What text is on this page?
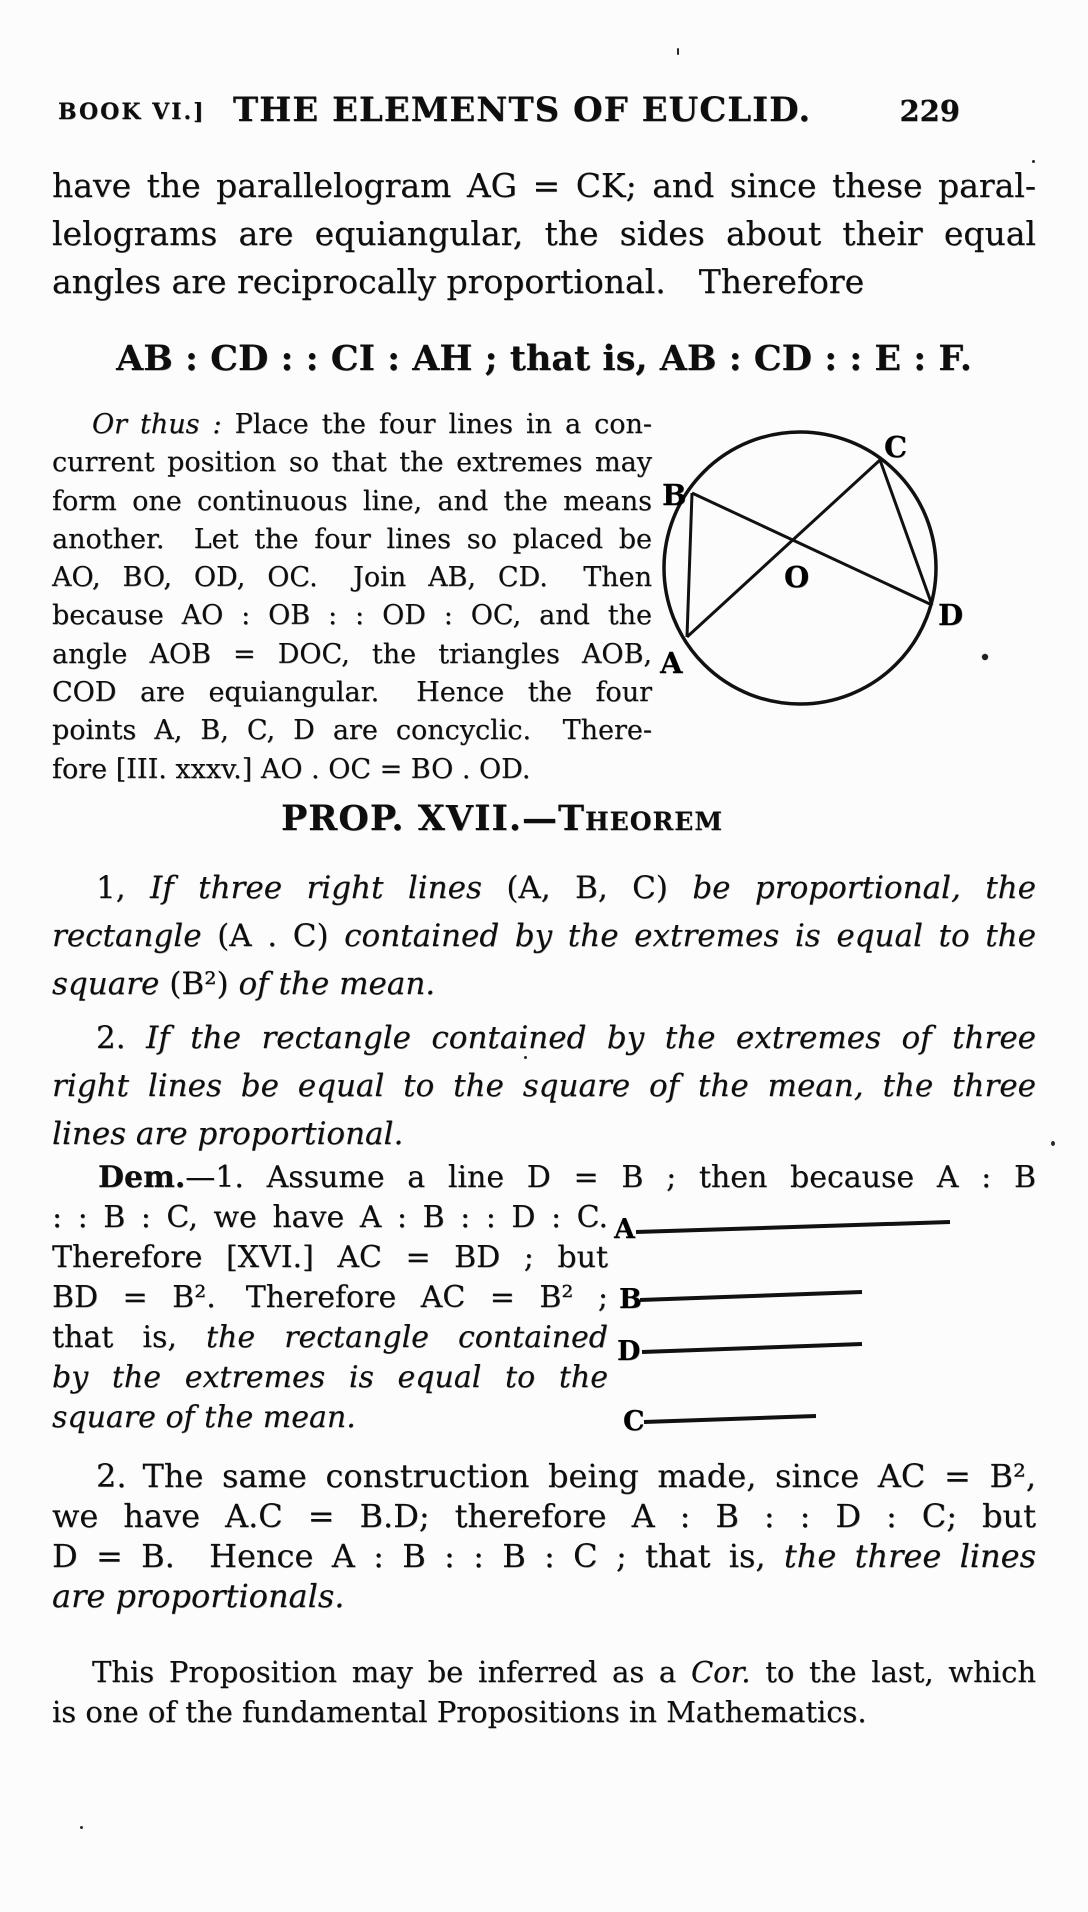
BOOK VI.] THE ELEMENTS OF EUCLID.	229
have the parallelogram AG = CK; and since these paral-
lelograms are equiangular, the sides about their equal
angles are reciprocally proportional. Therefore
AB : CD : : CI : AH ; that is, AB : CD : : E : F.
Or thus : Place the four lines in a con-
current position so that the extremes may
form one continuous line, and the means
another.  Let the four lines so placed be
AO, BO, OD, OC.  Join AB, CD.  Then
because AO : OB : : OD : OC, and the
angle AOB = DOC, the triangles AOB,
COD are equiangular.  Hence the four
points A, B, C, D are concyclic.  There-
fore [III. xxxv.] AO . OC = BO . OD.
A
B
C
D
O
PROP. XVII.—Theorem
1, If three right lines (A, B, C) be proportional, the
rectangle (A . C) contained by the extremes is equal to the
square (B²) of the mean.
2. If the rectangle contained by the extremes of three
right lines be equal to the square of the mean, the three
lines are proportional.
Dem.—1. Assume a line D = B ; then because A : B
: : B : C, we have A : B : : D : C.
Therefore [XVI.] AC = BD ; but
BD = B². Therefore AC = B² ;
that is, the rectangle contained
by the extremes is equal to the
square of the mean.
A
B
D
C
2. The same construction being made, since AC = B²,
we have A.C = B.D; therefore A : B : : D : C; but
D = B.  Hence A : B : : B : C ; that is, the three lines
are proportionals.
This Proposition may be inferred as a Cor. to the last, which
is one of the fundamental Propositions in Mathematics.
